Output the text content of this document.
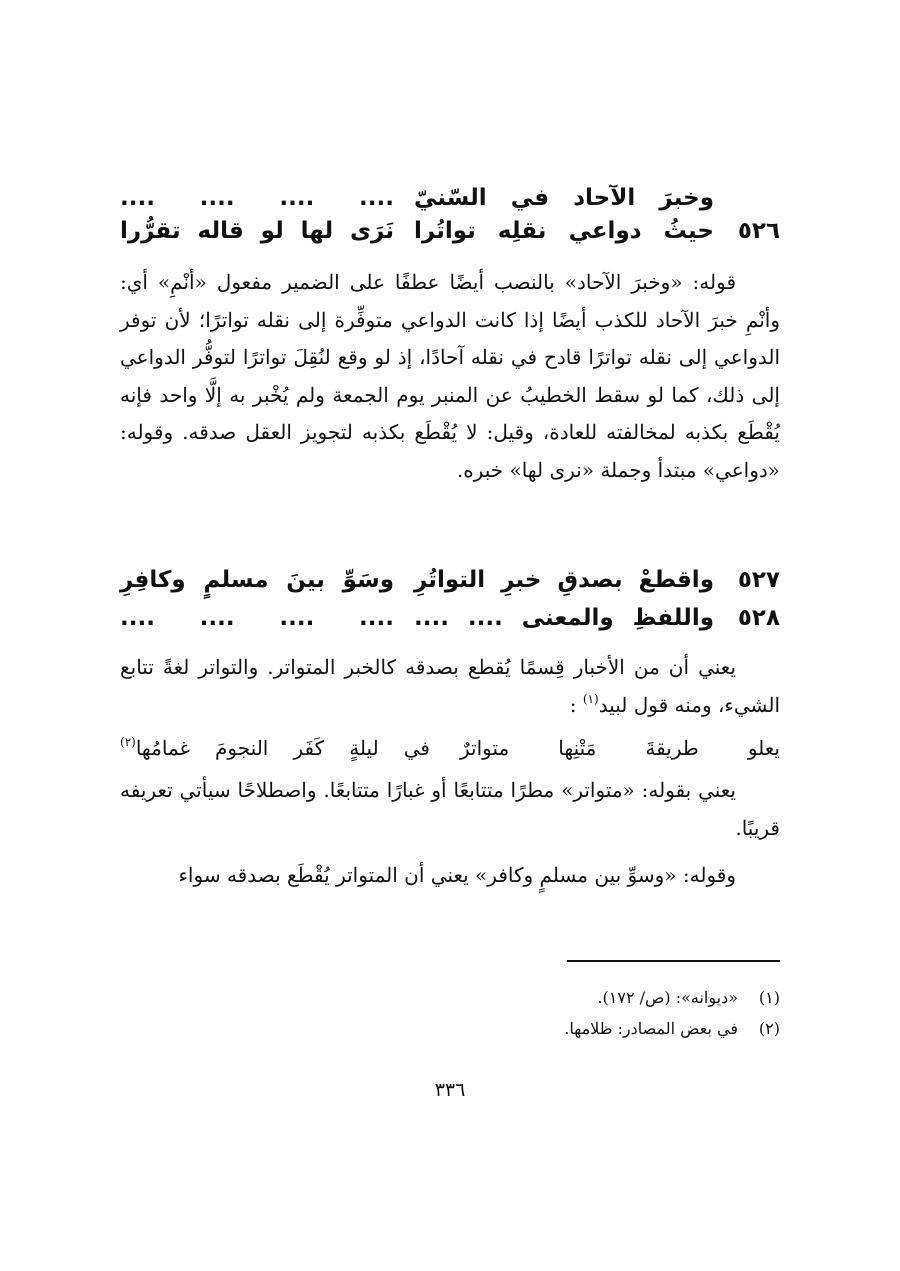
وخبرَ الآحاد في السّنيّ
.... .... .... ....
٥٢٦
حيثُ دواعي نقلِه تواتُرا
نَرَى لها لو قاله تقرُّرا

قوله: «وخبرَ الآحاد» بالنصب أيضًا عطفًا على الضمير مفعول «أنْمِ» أي: وأنْمِ خبرَ الآحاد للكذب أيضًا إذا كانت الدواعي متوفِّرة إلى نقله تواترًا؛ لأن توفر الدواعي إلى نقله تواترًا قادح في نقله آحادًا، إذ لو وقع لنُقِلَ تواترًا لتوفُّر الدواعي إلى ذلك، كما لو سقط الخطيبُ عن المنبر يوم الجمعة ولم يُخْبر به إلَّا واحد فإنه يُقْطَع بكذبه لمخالفته للعادة، وقيل: لا يُقْطَع بكذبه لتجويز العقل صدقه. وقوله: «دواعي» مبتدأ وجملة «نرى لها» خبره.

٥٢٧
واقطعْ بصدقِ خبرِ التواتُرِ
وسَوِّ بينَ مسلمٍ وكافِرِ
٥٢٨
واللفظِ والمعنى .... ....
.... .... .... ....

يعني أن من الأخبار قِسمًا يُقطع بصدقه كالخبر المتواتر. والتواتر لغةً تتابع الشيء، ومنه قول لبيد$^{(١)}$ :

يعلو طريقةَ مَتْنِها متواترٌ
في ليلةٍ كَفَر النجومَ غمامُها$^{(٢)}$

يعني بقوله: «متواتر» مطرًا متتابعًا أو غبارًا متتابعًا. واصطلاحًا سيأتي تعريفه قريبًا.

وقوله: «وسوِّ بين مسلمٍ وكافر» يعني أن المتواتر يُقْطَع بصدقه سواء

(١)«ديوانه»: (ص/ ١٧٢).
(٢)في بعض المصادر: ظلامها.
٣٣٦
